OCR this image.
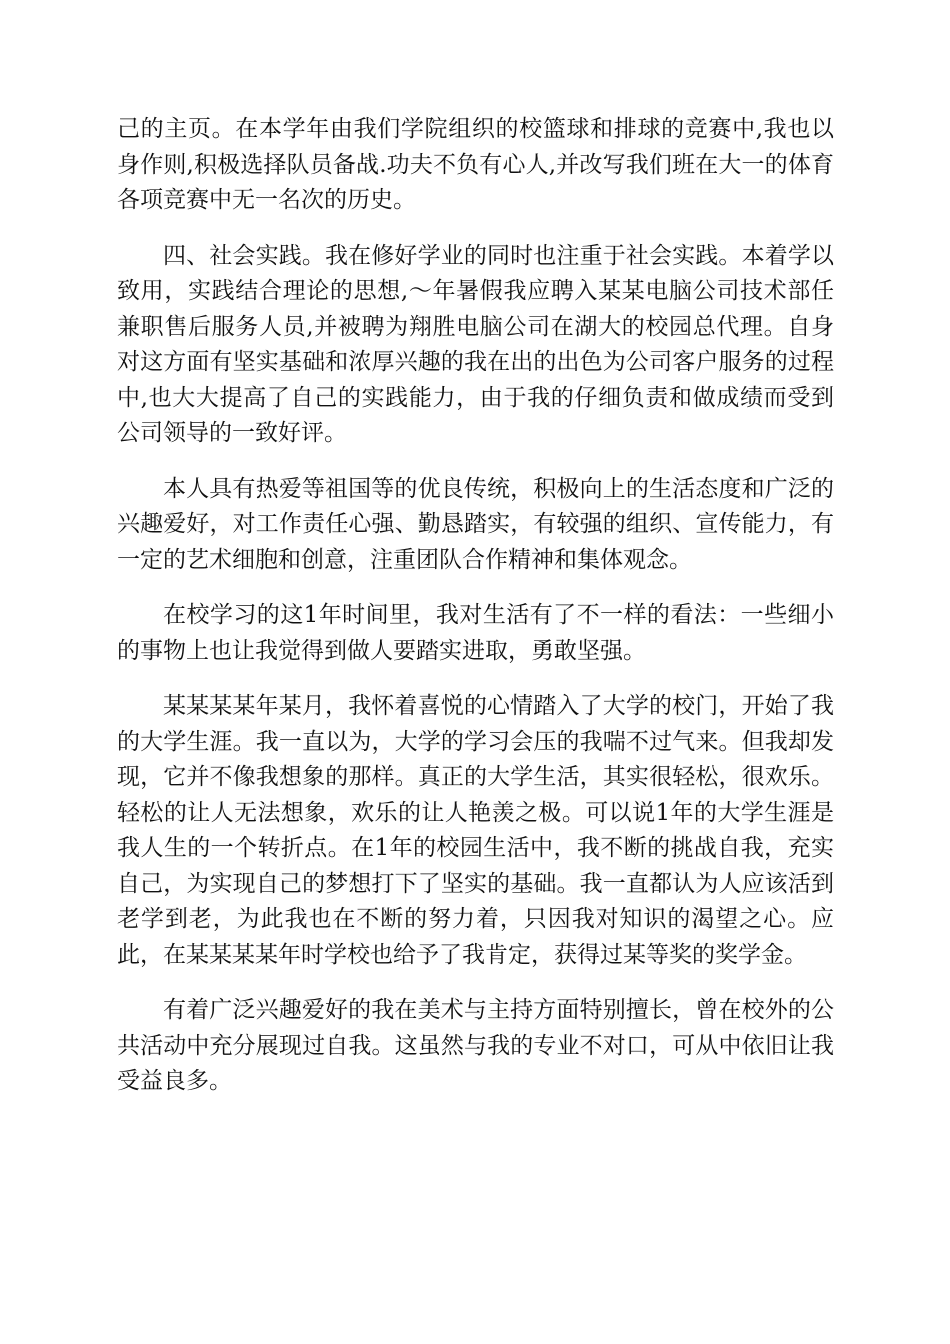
己的主页。在本学年由我们学院组织的校篮球和排球的竞赛中,我也以身作则,积极选择队员备战.功夫不负有心人,并改写我们班在大一的体育各项竞赛中无一名次的历史。

四、社会实践。我在修好学业的同时也注重于社会实践。本着学以致用，实践结合理论的思想,～年暑假我应聘入某某电脑公司技术部任兼职售后服务人员,并被聘为翔胜电脑公司在湖大的校园总代理。自身对这方面有坚实基础和浓厚兴趣的我在出的出色为公司客户服务的过程中,也大大提高了自己的实践能力，由于我的仔细负责和做成绩而受到公司领导的一致好评。

本人具有热爱等祖国等的优良传统，积极向上的生活态度和广泛的兴趣爱好，对工作责任心强、勤恳踏实，有较强的组织、宣传能力，有一定的艺术细胞和创意，注重团队合作精神和集体观念。

在校学习的这1年时间里，我对生活有了不一样的看法：一些细小的事物上也让我觉得到做人要踏实进取，勇敢坚强。

某某某某年某月，我怀着喜悦的心情踏入了大学的校门，开始了我的大学生涯。我一直以为，大学的学习会压的我喘不过气来。但我却发现，它并不像我想象的那样。真正的大学生活，其实很轻松，很欢乐。轻松的让人无法想象，欢乐的让人艳羡之极。可以说1年的大学生涯是我人生的一个转折点。在1年的校园生活中，我不断的挑战自我，充实自己，为实现自己的梦想打下了坚实的基础。我一直都认为人应该活到老学到老，为此我也在不断的努力着，只因我对知识的渴望之心。应此，在某某某某年时学校也给予了我肯定，获得过某等奖的奖学金。

有着广泛兴趣爱好的我在美术与主持方面特别擅长，曾在校外的公共活动中充分展现过自我。这虽然与我的专业不对口，可从中依旧让我受益良多。
